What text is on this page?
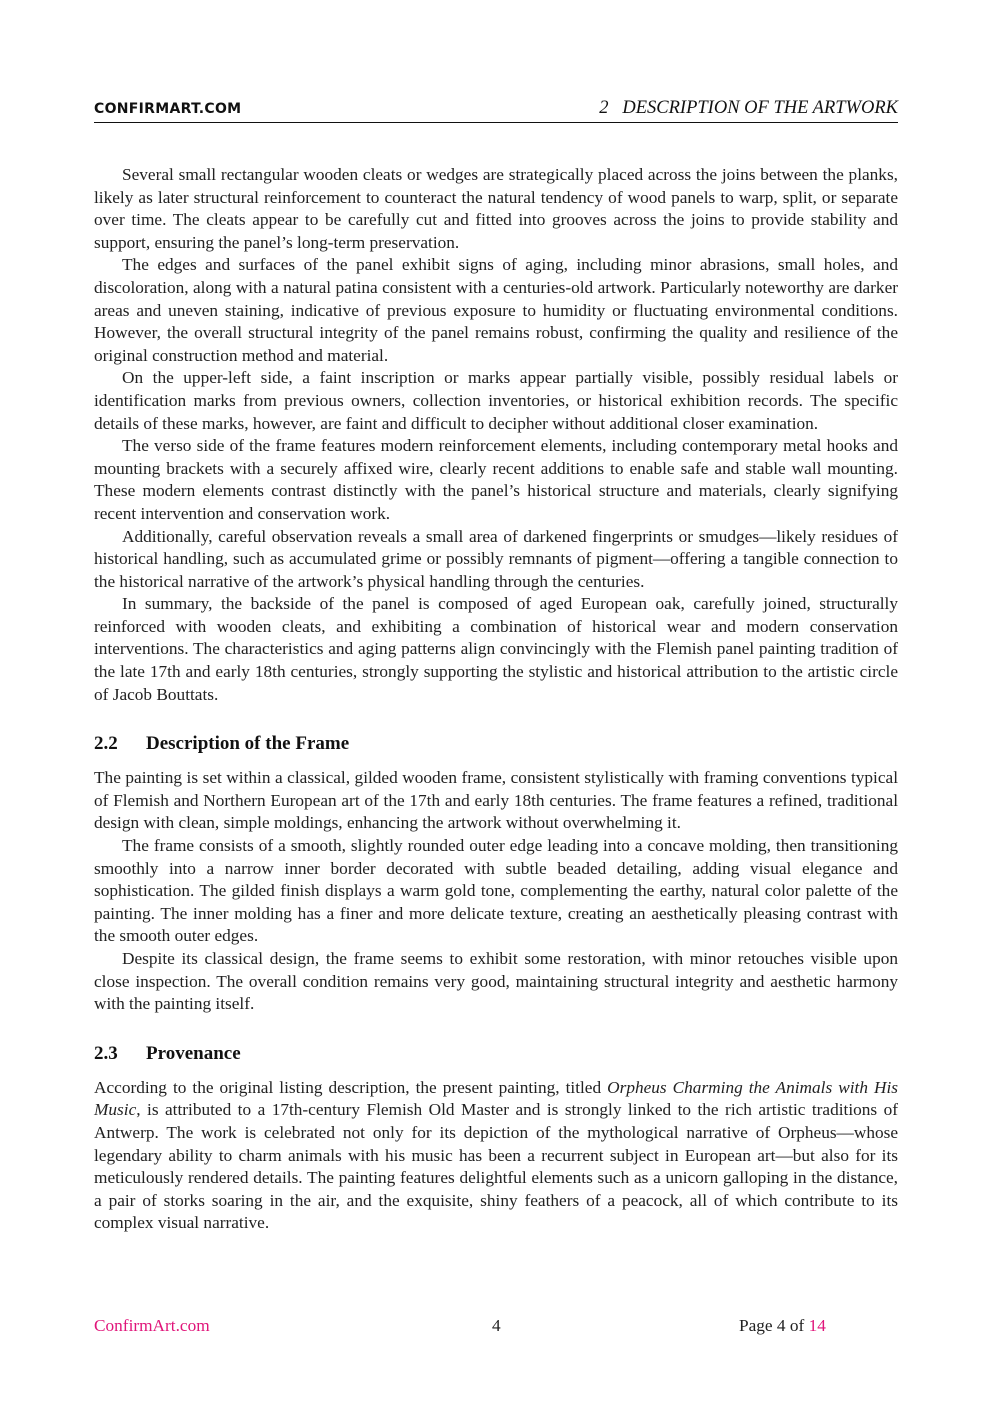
CONFIRMART.COM	2 DESCRIPTION OF THE ARTWORK

Several small rectangular wooden cleats or wedges are strategically placed across the joins between the planks, likely as later structural reinforcement to counteract the natural tendency of wood panels to warp, split, or separate over time. The cleats appear to be carefully cut and fitted into grooves across the joins to provide stability and support, ensuring the panel’s long-term preservation.

The edges and surfaces of the panel exhibit signs of aging, including minor abrasions, small holes, and discoloration, along with a natural patina consistent with a centuries-old artwork. Particularly noteworthy are darker areas and uneven staining, indicative of previous exposure to humidity or fluctuating environmental conditions. However, the overall structural integrity of the panel remains robust, confirming the quality and resilience of the original construction method and material.

On the upper-left side, a faint inscription or marks appear partially visible, possibly residual labels or identification marks from previous owners, collection inventories, or historical exhibition records. The specific details of these marks, however, are faint and difficult to decipher without additional closer examination.

The verso side of the frame features modern reinforcement elements, including contemporary metal hooks and mounting brackets with a securely affixed wire, clearly recent additions to enable safe and stable wall mounting. These modern elements contrast distinctly with the panel’s historical structure and materials, clearly signifying recent intervention and conservation work.

Additionally, careful observation reveals a small area of darkened fingerprints or smudges—likely residues of historical handling, such as accumulated grime or possibly remnants of pigment—offering a tangible connection to the historical narrative of the artwork’s physical handling through the centuries.

In summary, the backside of the panel is composed of aged European oak, carefully joined, structurally reinforced with wooden cleats, and exhibiting a combination of historical wear and modern conservation interventions. The characteristics and aging patterns align convincingly with the Flemish panel painting tradition of the late 17th and early 18th centuries, strongly supporting the stylistic and historical attribution to the artistic circle of Jacob Bouttats.

2.2 Description of the Frame

The painting is set within a classical, gilded wooden frame, consistent stylistically with framing conventions typical of Flemish and Northern European art of the 17th and early 18th centuries. The frame features a refined, traditional design with clean, simple moldings, enhancing the artwork without overwhelming it.

The frame consists of a smooth, slightly rounded outer edge leading into a concave molding, then transitioning smoothly into a narrow inner border decorated with subtle beaded detailing, adding visual elegance and sophistication. The gilded finish displays a warm gold tone, complementing the earthy, natural color palette of the painting. The inner molding has a finer and more delicate texture, creating an aesthetically pleasing contrast with the smooth outer edges.

Despite its classical design, the frame seems to exhibit some restoration, with minor retouches visible upon close inspection. The overall condition remains very good, maintaining structural integrity and aesthetic harmony with the painting itself.

2.3 Provenance

According to the original listing description, the present painting, titled Orpheus Charming the Animals with His Music, is attributed to a 17th-century Flemish Old Master and is strongly linked to the rich artistic traditions of Antwerp. The work is celebrated not only for its depiction of the mythological narrative of Orpheus—whose legendary ability to charm animals with his music has been a recurrent subject in European art—but also for its meticulously rendered details. The painting features delightful elements such as a unicorn galloping in the distance, a pair of storks soaring in the air, and the exquisite, shiny feathers of a peacock, all of which contribute to its complex visual narrative.

ConfirmArt.com	4	Page 4 of 14
